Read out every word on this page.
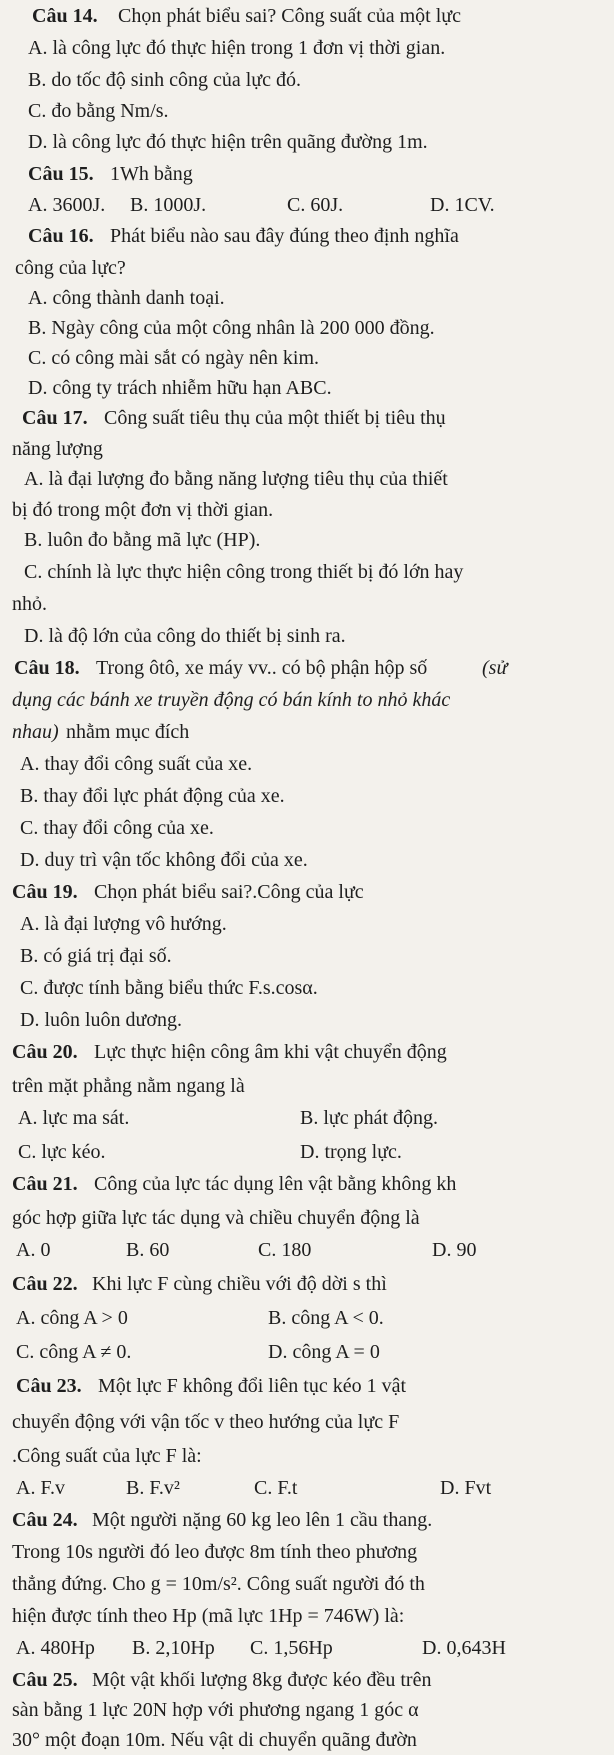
Câu 14. Chọn phát biểu sai? Công suất của một lực
A. là công lực đó thực hiện trong 1 đơn vị thời gian.
B. do tốc độ sinh công của lực đó.
C. đo bằng Nm/s.
D. là công lực đó thực hiện trên quãng đường 1m.
Câu 15. 1Wh bằng
A. 3600J. B. 1000J.	C. 60J.	D. 1CV.
Câu 16. Phát biểu nào sau đây đúng theo định nghĩa
công của lực?
A. công thành danh toại.
B. Ngày công của một công nhân là 200 000 đồng.
C. có công mài sắt có ngày nên kim.
D. công ty trách nhiễm hữu hạn ABC.
Câu 17. Công suất tiêu thụ của một thiết bị tiêu thụ
năng lượng
A. là đại lượng đo bằng năng lượng tiêu thụ của thiết
bị đó trong một đơn vị thời gian.
B. luôn đo bằng mã lực (HP).
C. chính là lực thực hiện công trong thiết bị đó lớn hay
nhỏ.
D. là độ lớn của công do thiết bị sinh ra.
Câu 18. Trong ôtô, xe máy vv.. có bộ phận hộp số	(sử
dụng các bánh xe truyền động có bán kính to nhỏ khác
nhau) nhằm mục đích
A. thay đổi công suất của xe.
B. thay đổi lực phát động của xe.
C. thay đổi công của xe.
D. duy trì vận tốc không đổi của xe.
Câu 19. Chọn phát biểu sai?.Công của lực
A. là đại lượng vô hướng.
B. có giá trị đại số.
C. được tính bằng biểu thức F.s.cosα.
D. luôn luôn dương.
Câu 20. Lực thực hiện công âm khi vật chuyển động
trên mặt phẳng nằm ngang là
A. lực ma sát.	B. lực phát động.
C. lực kéo.	D. trọng lực.
Câu 21. Công của lực tác dụng lên vật bằng không kh
góc hợp giữa lực tác dụng và chiều chuyển động là
A. 0	B. 60	C. 180	D. 90
Câu 22. Khi lực F cùng chiều với độ dời s thì
A. công A > 0	B. công A < 0.
C. công A ≠ 0.	D. công A = 0
Câu 23. Một lực F không đổi liên tục kéo 1 vật
chuyển động với vận tốc v theo hướng của lực F
.Công suất của lực F là:
A. F.v	B. F.v²	C. F.t	D. Fvt
Câu 24. Một người nặng 60 kg leo lên 1 cầu thang.
Trong 10s người đó leo được 8m tính theo phương
thẳng đứng. Cho g = 10m/s². Công suất người đó th
hiện được tính theo Hp (mã lực 1Hp = 746W) là:
A. 480Hp B. 2,10Hp C. 1,56Hp	D. 0,643H
Câu 25. Một vật khối lượng 8kg được kéo đều trên
sàn bằng 1 lực 20N hợp với phương ngang 1 góc α
30° một đoạn 10m. Nếu vật di chuyển quãng đườn
